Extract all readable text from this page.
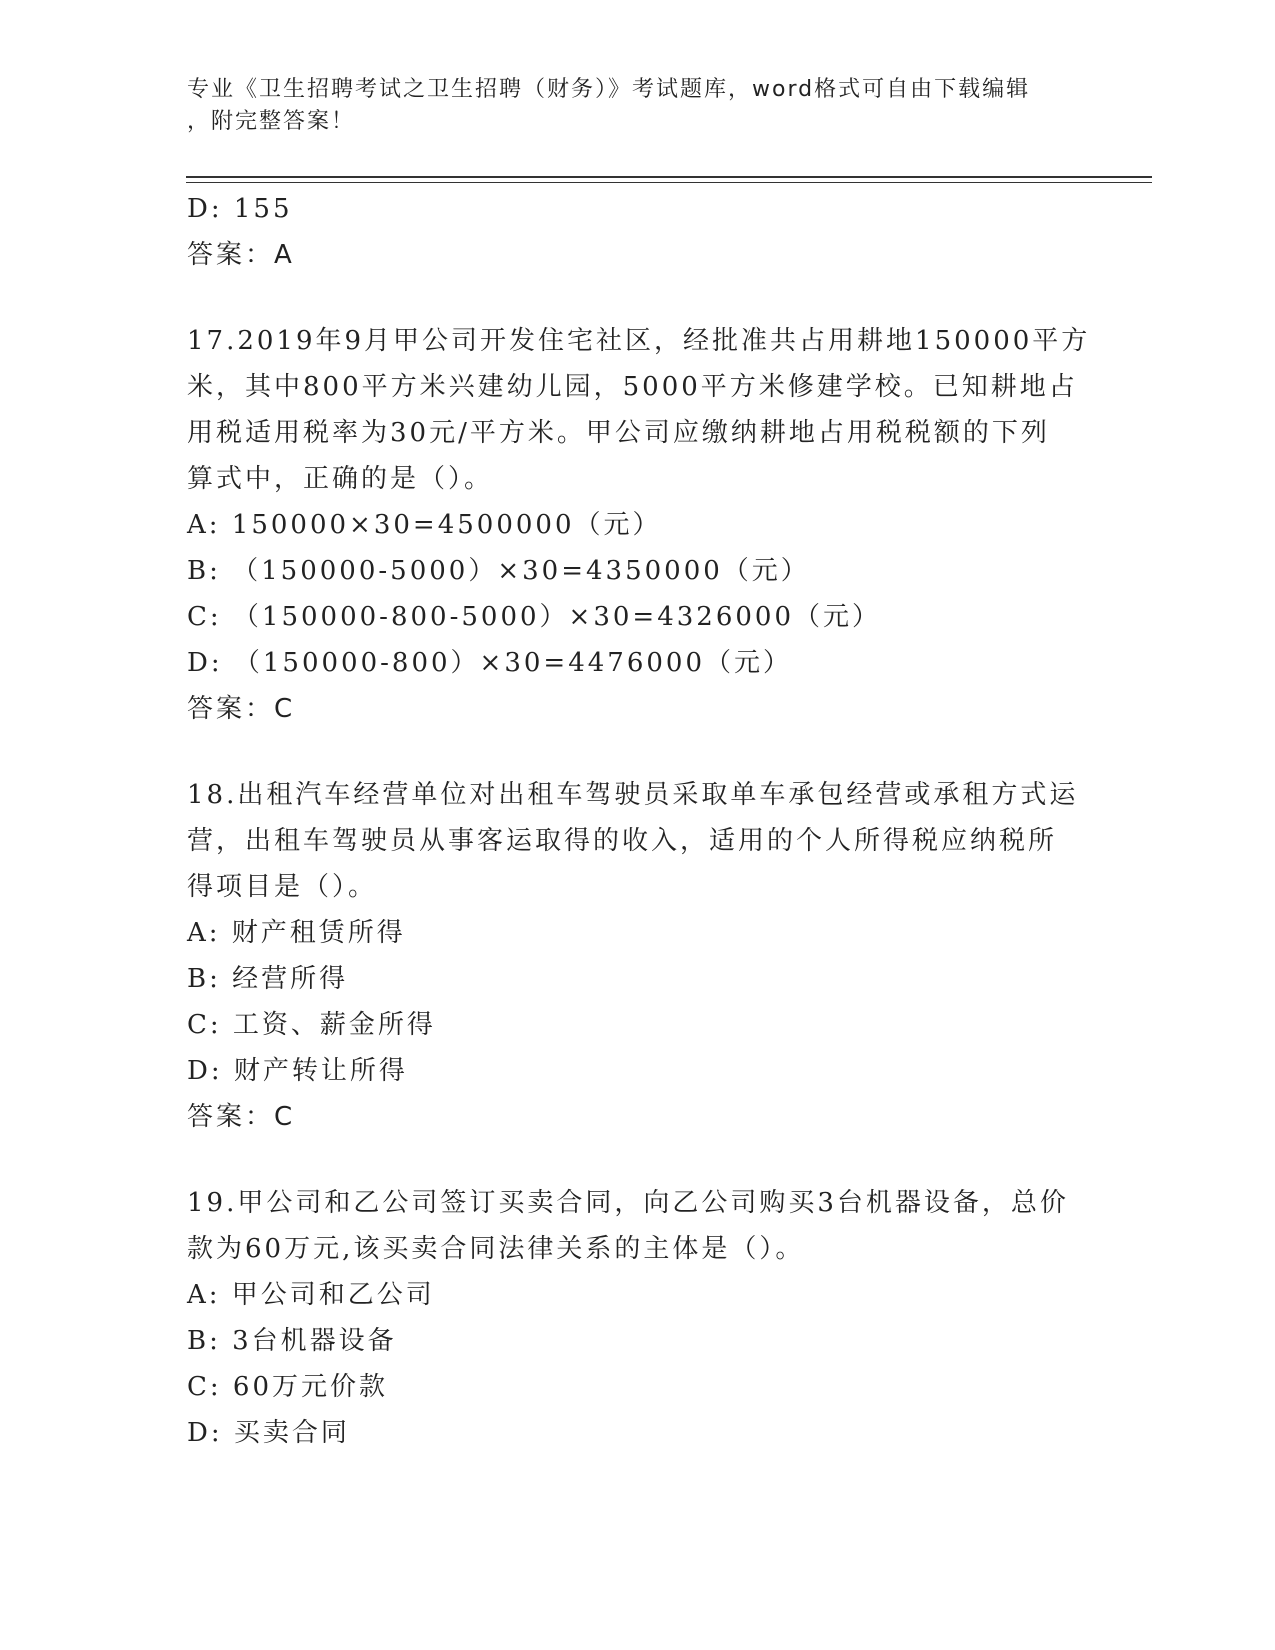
专业《卫生招聘考试之卫生招聘（财务）》考试题库，word格式可自由下载编辑
，附完整答案！
D: 155
答案：A
17.2019年9月甲公司开发住宅社区，经批准共占用耕地150000平方
米，其中800平方米兴建幼儿园，5000平方米修建学校。已知耕地占
用税适用税率为30元/平方米。甲公司应缴纳耕地占用税税额的下列
算式中，正确的是（）。
A: 150000×30=4500000（元）
B: （150000-5000）×30=4350000（元）
C: （150000-800-5000）×30=4326000（元）
D: （150000-800）×30=4476000（元）
答案：C
18.出租汽车经营单位对出租车驾驶员采取单车承包经营或承租方式运
营，出租车驾驶员从事客运取得的收入，适用的个人所得税应纳税所
得项目是（）。
A: 财产租赁所得
B: 经营所得
C: 工资、薪金所得
D: 财产转让所得
答案：C
19.甲公司和乙公司签订买卖合同，向乙公司购买3台机器设备，总价
款为60万元,该买卖合同法律关系的主体是（）。
A: 甲公司和乙公司
B: 3台机器设备
C: 60万元价款
D: 买卖合同
